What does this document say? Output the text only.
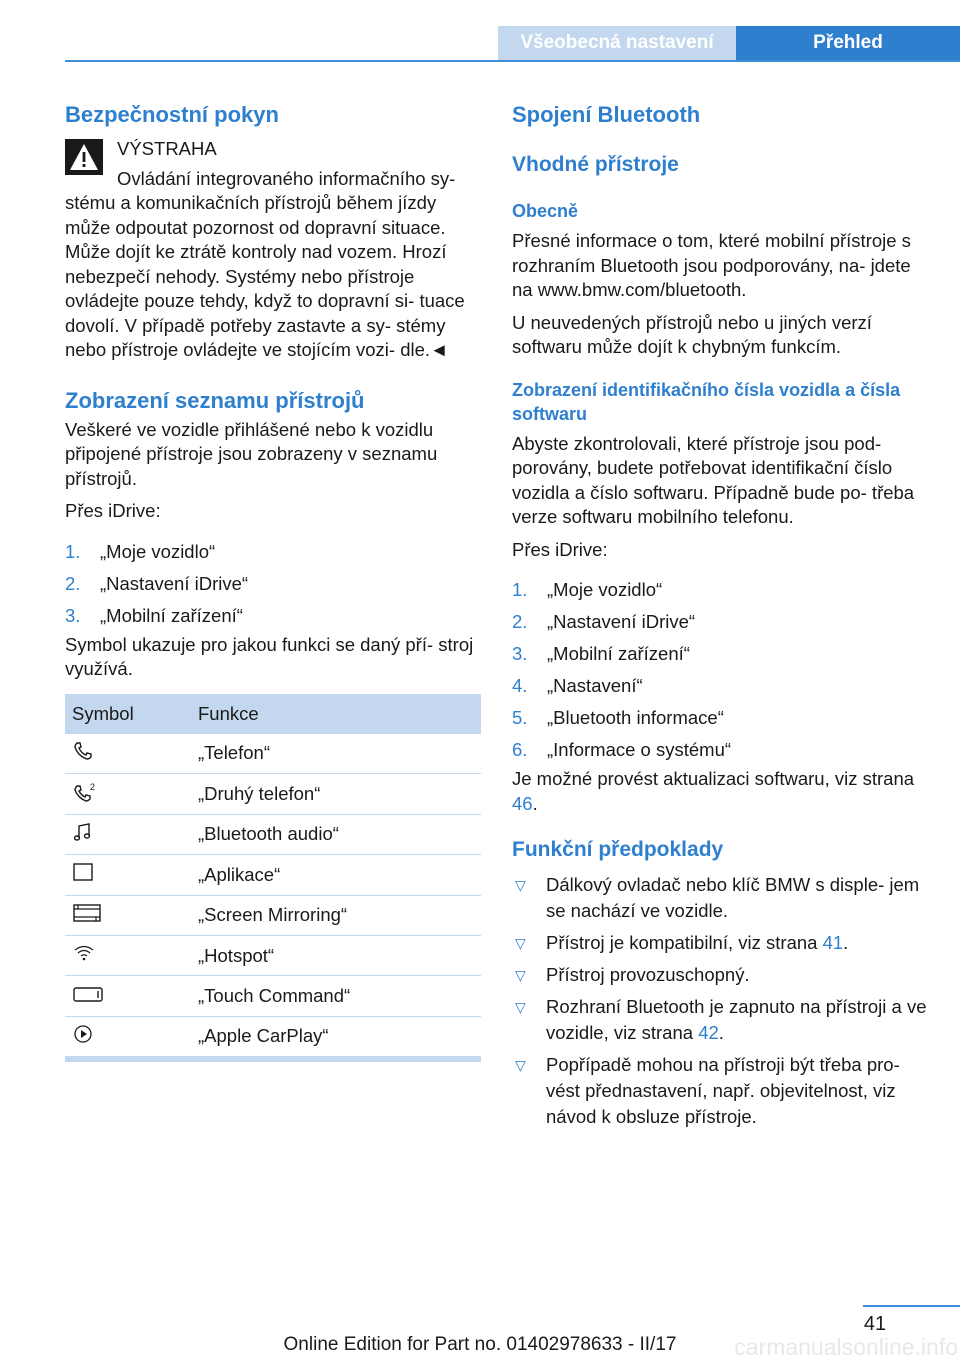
Všeobecná nastavení	Přehled
Bezpečnostní pokyn
VÝSTRAHA
Ovládání integrovaného informačního sy‐
stému a komunikačních přístrojů během jízdy může odpoutat pozornost od dopravní situace. Může dojít ke ztrátě kontroly nad vozem. Hrozí nebezpečí nehody. Systémy nebo přístroje ovládejte pouze tehdy, když to dopravní si‐ tuace dovolí. V případě potřeby zastavte a sy‐ stémy nebo přístroje ovládejte ve stojícím vozi‐ dle.◄
Zobrazení seznamu přístrojů
Veškeré ve vozidle přihlášené nebo k vozidlu připojené přístroje jsou zobrazeny v seznamu přístrojů.
Přes iDrive:
1. „Moje vozidlo“
2. „Nastavení iDrive“
3. „Mobilní zařízení“
Symbol ukazuje pro jakou funkci se daný pří‐ stroj využívá.
Symbol	Funkce
	„Telefon“

2	„Druhý telefon“
	„Bluetooth audio“
	„Aplikace“
	„Screen Mirroring“
	„Hotspot“
	„Touch Command“
	„Apple CarPlay“
Spojení Bluetooth
Vhodné přístroje
Obecně
Přesné informace o tom, které mobilní přístroje s rozhraním Bluetooth jsou podporovány, na‐ jdete na www.bmw.com/bluetooth.
U neuvedených přístrojů nebo u jiných verzí softwaru může dojít k chybným funkcím.
Zobrazení identifikačního čísla vozidla a čísla softwaru
Abyste zkontrolovali, které přístroje jsou pod‐ porovány, budete potřebovat identifikační číslo vozidla a číslo softwaru. Případně bude po‐ třeba verze softwaru mobilního telefonu.
Přes iDrive:
1. „Moje vozidlo“
2. „Nastavení iDrive“
3. „Mobilní zařízení“
4. „Nastavení“
5. „Bluetooth informace“
6. „Informace o systému“
Je možné provést aktualizaci softwaru, viz strana 46.
Funkční předpoklady
▽ Dálkový ovladač nebo klíč BMW s disple‐ jem se nachází ve vozidle.
▽ Přístroj je kompatibilní, viz strana 41.
▽ Přístroj provozuschopný.
▽ Rozhraní Bluetooth je zapnuto na přístroji a ve vozidle, viz strana 42.
▽ Popřípadě mohou na přístroji být třeba pro‐ vést přednastavení, např. objevitelnost, viz návod k obsluze přístroje.
41
Online Edition for Part no. 01402978633 - II/17	carmanualsonline.info
